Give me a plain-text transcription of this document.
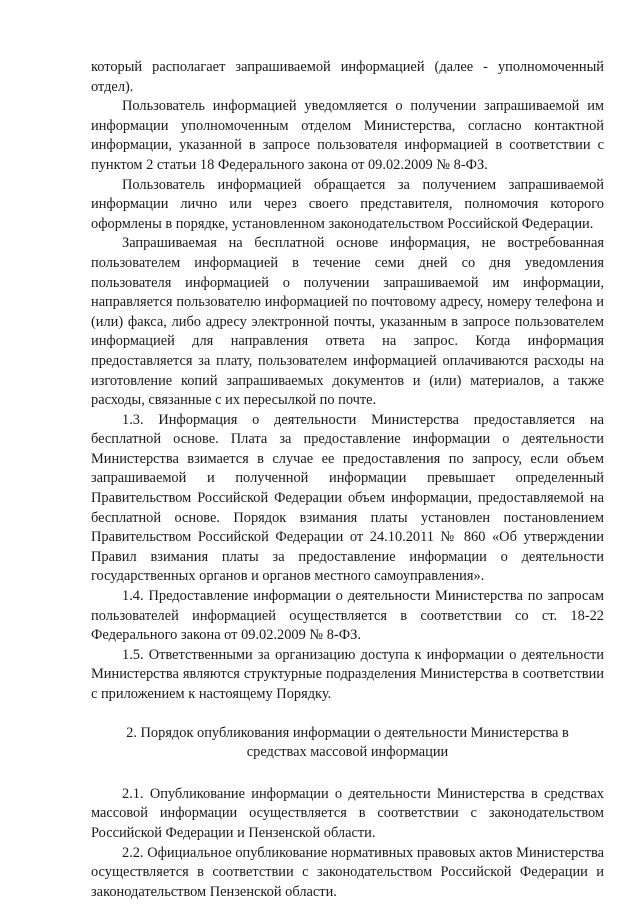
который располагает запрашиваемой информацией (далее - уполномоченный отдел).

Пользователь информацией уведомляется о получении запрашиваемой им информации уполномоченным отделом Министерства, согласно контактной информации, указанной в запросе пользователя информацией в соответствии с пунктом 2 статьи 18 Федерального закона от 09.02.2009 № 8-ФЗ.

Пользователь информацией обращается за получением запрашиваемой информации лично или через своего представителя, полномочия которого оформлены в порядке, установленном законодательством Российской Федерации.

Запрашиваемая на бесплатной основе информация, не востребованная пользователем информацией в течение семи дней со дня уведомления пользователя информацией о получении запрашиваемой им информации, направляется пользователю информацией по почтовому адресу, номеру телефона и (или) факса, либо адресу электронной почты, указанным в запросе пользователем информацией для направления ответа на запрос. Когда информация предоставляется за плату, пользователем информацией оплачиваются расходы на изготовление копий запрашиваемых документов и (или) материалов, а также расходы, связанные с их пересылкой по почте.

1.3. Информация о деятельности Министерства предоставляется на бесплатной основе. Плата за предоставление информации о деятельности Министерства взимается в случае ее предоставления по запросу, если объем запрашиваемой и полученной информации превышает определенный Правительством Российской Федерации объем информации, предоставляемой на бесплатной основе. Порядок взимания платы установлен постановлением Правительством Российской Федерации от 24.10.2011 № 860 «Об утверждении Правил взимания платы за предоставление информации о деятельности государственных органов и органов местного самоуправления».

1.4. Предоставление информации о деятельности Министерства по запросам пользователей информацией осуществляется в соответствии со ст. 18-22 Федерального закона от 09.02.2009 № 8-ФЗ.

1.5. Ответственными за организацию доступа к информации о деятельности Министерства являются структурные подразделения Министерства в соответствии с приложением к настоящему Порядку.

2. Порядок опубликования информации о деятельности Министерства в средствах массовой информации

2.1. Опубликование информации о деятельности Министерства в средствах массовой информации осуществляется в соответствии с законодательством Российской Федерации и Пензенской области.

2.2. Официальное опубликование нормативных правовых актов Министерства осуществляется в соответствии с законодательством Российской Федерации и законодательством Пензенской области.
